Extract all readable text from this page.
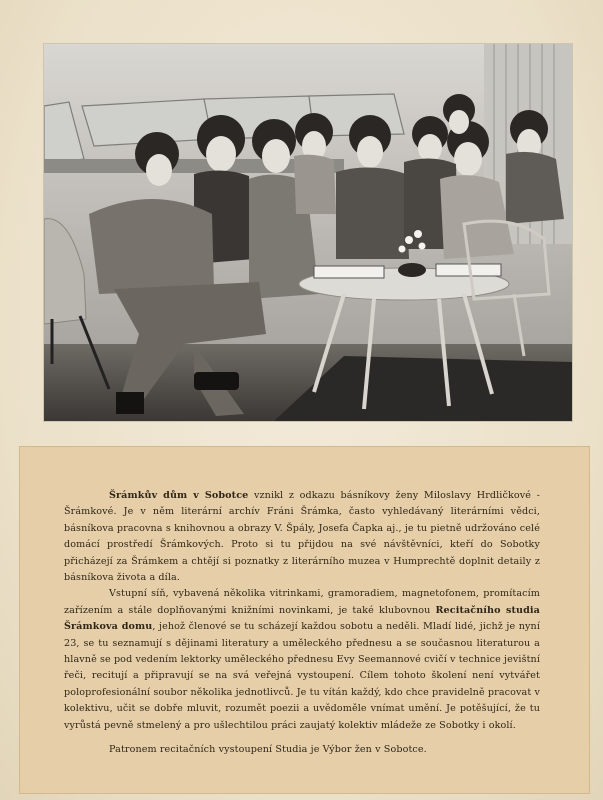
Šrámkův dům v Sobotce vznikl z odkazu básníkovy ženy Miloslavy Hrdličkové - Šrámkové. Je v něm literární archív Fráni Šrámka, často vyhledávaný literárními vědci, básníkova pracovna s knihovnou a obrazy V. Špály, Josefa Čapka aj., je tu pietně udržováno celé domácí prostředí Šrámkových. Proto si tu přijdou na své návštěvníci, kteří do Sobotky přicházejí za Šrámkem a chtějí si poznatky z literárního muzea v Humprechtě doplnit detaily z básníkova života a díla.

Vstupní síň, vybavená několika vitrinkami, gramoradiem, magnetofonem, promítacím zařízením a stále doplňovanými knižními novinkami, je také klubovnou Recitačního studia Šrámkova domu, jehož členové se tu scházejí každou sobotu a neděli. Mladí lidé, jichž je nyní 23, se tu seznamují s dějinami literatury a uměleckého přednesu a se současnou literaturou a hlavně se pod vedením lektorky uměleckého přednesu Evy Seemannové cvičí v technice jevištní řeči, recitují a připravují se na svá veřejná vystoupení. Cílem tohoto školení není vytvářet poloprofesionální soubor několika jednotlivců. Je tu vítán každý, kdo chce pravidelně pracovat v kolektivu, učit se dobře mluvit, rozumět poezii a uvědoměle vnímat umění. Je potěšující, že tu vyrůstá pevně stmelený a pro ušlechtilou práci zaujatý kolektiv mládeže ze Sobotky i okolí.

Patronem recitačních vystoupení Studia je Výbor žen v Sobotce.
